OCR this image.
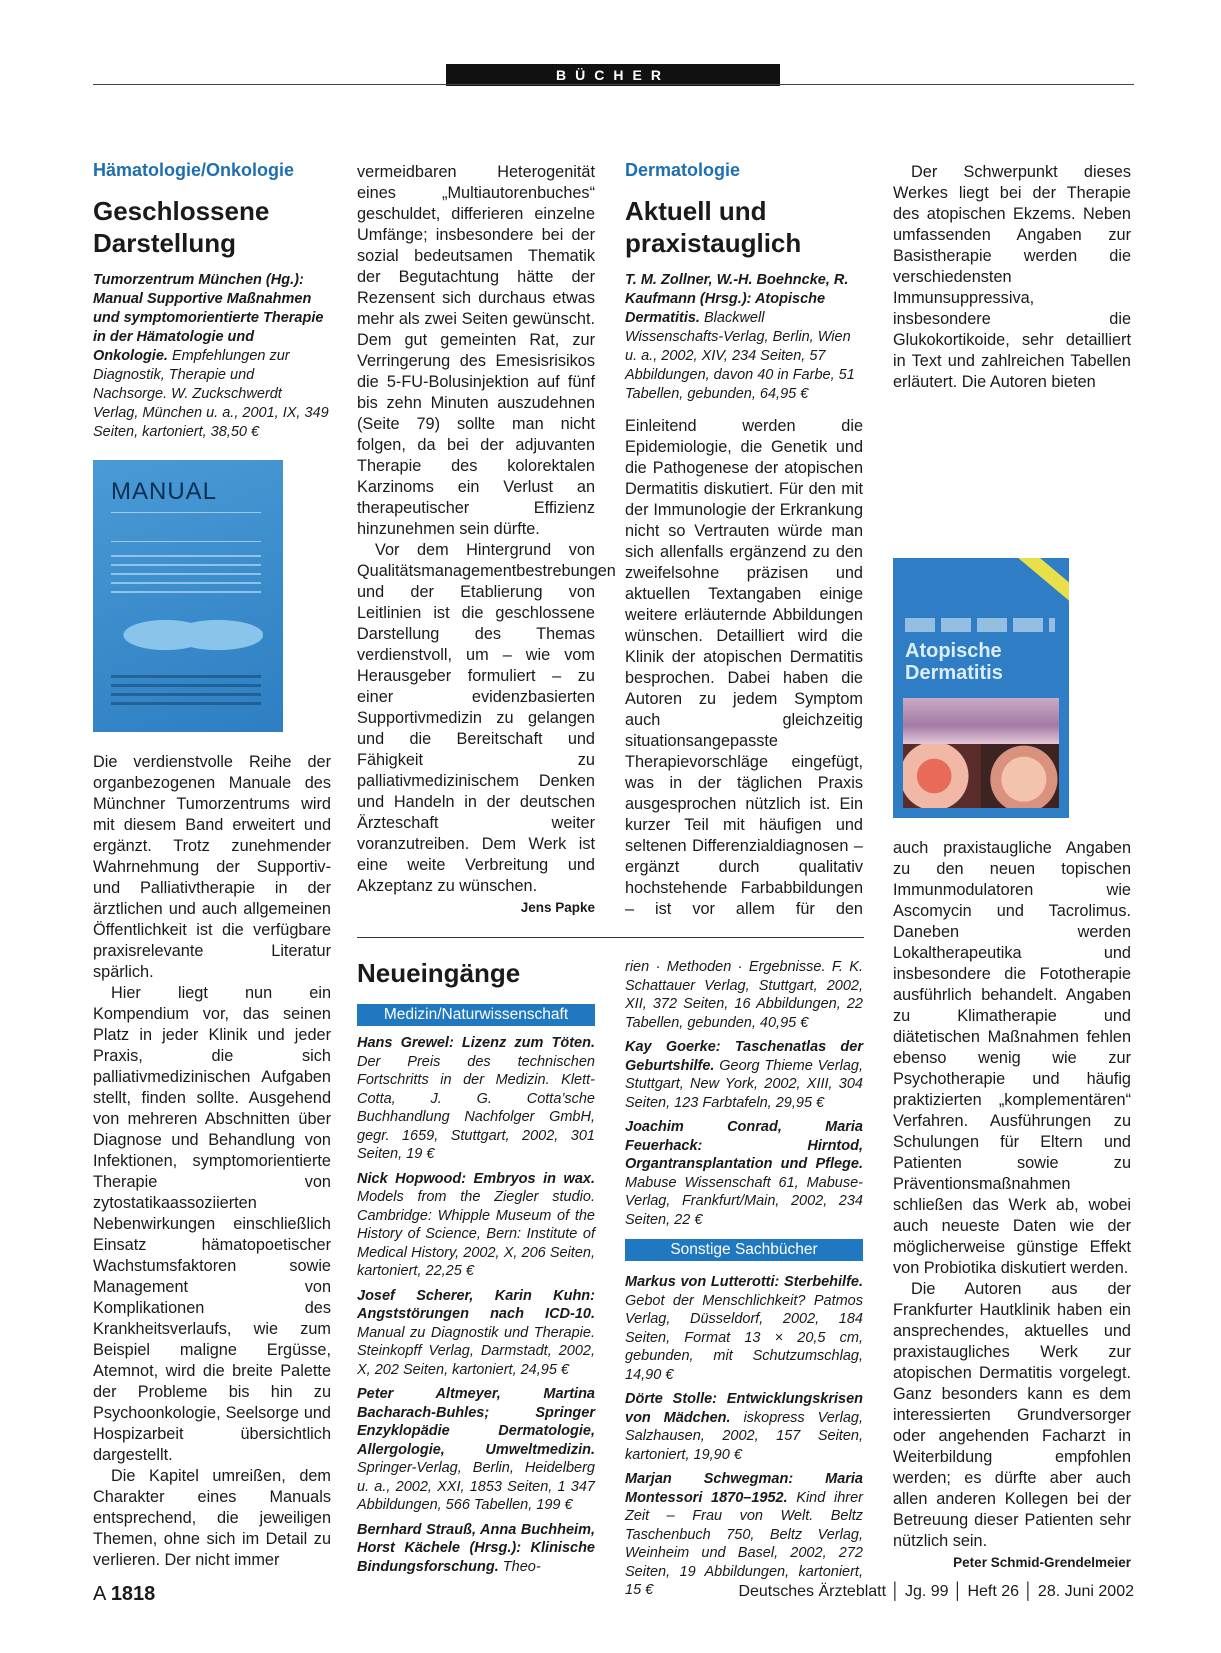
BÜCHER
Hämatologie/Onkologie
Geschlossene Darstellung
Tumorzentrum München (Hg.): Manual Supportive Maßnahmen und symptomorientierte Therapie in der Hämatologie und Onkologie. Empfehlungen zur Diagnostik, Therapie und Nachsorge. W. Zuckschwerdt Verlag, München u. a., 2001, IX, 349 Seiten, kartoniert, 38,50 €
MANUAL

Die verdienstvolle Reihe der organbezogenen Manuale des Münchner Tumorzentrums wird mit diesem Band erweitert und ergänzt. Trotz zunehmender Wahrnehmung der Supportiv- und Palliativtherapie in der ärztlichen und auch allgemeinen Öffentlichkeit ist die verfügbare praxisrelevante Literatur spärlich.

Hier liegt nun ein Kompendium vor, das seinen Platz in jeder Klinik und jeder Praxis, die sich palliativmedizinischen Aufgaben stellt, finden sollte. Ausgehend von mehreren Abschnitten über Diagnose und Behandlung von Infektionen, symptomorientierte Therapie von zytostatikaassoziierten Nebenwirkungen einschließlich Einsatz hämatopoetischer Wachstumsfaktoren sowie Management von Komplikationen des Krankheitsverlaufs, wie zum Beispiel maligne Ergüsse, Atemnot, wird die breite Palette der Probleme bis hin zu Psychoonkologie, Seelsorge und Hospizarbeit übersichtlich dargestellt.

Die Kapitel umreißen, dem Charakter eines Manuals entsprechend, die jeweiligen Themen, ohne sich im Detail zu verlieren. Der nicht immer

vermeidbaren Heterogenität eines „Multiautorenbuches“ geschuldet, differieren einzelne Umfänge; insbesondere bei der sozial bedeutsamen Thematik der Begutachtung hätte der Rezensent sich durchaus etwas mehr als zwei Seiten gewünscht. Dem gut gemeinten Rat, zur Verringerung des Emesisrisikos die 5-FU-Bolusinjektion auf fünf bis zehn Minuten auszudehnen (Seite 79) sollte man nicht folgen, da bei der adjuvanten Therapie des kolorektalen Karzinoms ein Verlust an therapeutischer Effizienz hinzunehmen sein dürfte.

Vor dem Hintergrund von Qualitätsmanagementbestrebungen und der Etablierung von Leitlinien ist die geschlossene Darstellung des Themas verdienstvoll, um – wie vom Herausgeber formuliert – zu einer evidenzbasierten Supportivmedizin zu gelangen und die Bereitschaft und Fähigkeit zu palliativmedizinischem Denken und Handeln in der deutschen Ärzteschaft weiter voranzutreiben. Dem Werk ist eine weite Verbreitung und Akzeptanz zu wünschen.

Jens Papke
Neueingänge
Medizin/Naturwissenschaft
Hans Grewel: Lizenz zum Töten. Der Preis des technischen Fortschritts in der Medizin. Klett-Cotta, J. G. Cotta’sche Buchhandlung Nachfolger GmbH, gegr. 1659, Stuttgart, 2002, 301 Seiten, 19 €
Nick Hopwood: Embryos in wax. Models from the Ziegler studio. Cambridge: Whipple Museum of the History of Science, Bern: Institute of Medical History, 2002, X, 206 Seiten, kartoniert, 22,25 €
Josef Scherer, Karin Kuhn: Angststörungen nach ICD-10. Manual zu Diagnostik und Therapie. Steinkopff Verlag, Darmstadt, 2002, X, 202 Seiten, kartoniert, 24,95 €
Peter Altmeyer, Martina Bacharach-Buhles; Springer Enzyklopädie Dermatologie, Allergologie, Umweltmedizin. Springer-Verlag, Berlin, Heidelberg u. a., 2002, XXI, 1853 Seiten, 1 347 Abbildungen, 566 Tabellen, 199 €
Bernhard Strauß, Anna Buchheim, Horst Kächele (Hrsg.): Klinische Bindungsforschung. Theo-
Dermatologie
Aktuell und praxistauglich
T. M. Zollner, W.-H. Boehncke, R. Kaufmann (Hrsg.): Atopische Dermatitis. Blackwell Wissenschafts-Verlag, Berlin, Wien u. a., 2002, XIV, 234 Seiten, 57 Abbildungen, davon 40 in Farbe, 51 Tabellen, gebunden, 64,95 €

Einleitend werden die Epidemiologie, die Genetik und die Pathogenese der atopischen Dermatitis diskutiert. Für den mit der Immunologie der Erkrankung nicht so Vertrauten würde man sich allenfalls ergänzend zu den zweifelsohne präzisen und aktuellen Textangaben einige weitere erläuternde Abbildungen wünschen. Detailliert wird die Klinik der atopischen Dermatitis besprochen. Dabei haben die Autoren zu jedem Symptom auch gleichzeitig situationsangepasste Therapievorschläge eingefügt, was in der täglichen Praxis ausgesprochen nützlich ist. Ein kurzer Teil mit häufigen und seltenen Differenzialdiagnosen – ergänzt durch qualitativ hochstehende Farbabbildungen – ist vor allem für den

rien · Methoden · Ergebnisse. F. K. Schattauer Verlag, Stuttgart, 2002, XII, 372 Seiten, 16 Abbildungen, 22 Tabellen, gebunden, 40,95 €
Kay Goerke: Taschenatlas der Geburtshilfe. Georg Thieme Verlag, Stuttgart, New York, 2002, XIII, 304 Seiten, 123 Farbtafeln, 29,95 €
Joachim Conrad, Maria Feuerhack: Hirntod, Organtransplantation und Pflege. Mabuse Wissenschaft 61, Mabuse-Verlag, Frankfurt/Main, 2002, 234 Seiten, 22 €
Sonstige Sachbücher
Markus von Lutterotti: Sterbehilfe. Gebot der Menschlichkeit? Patmos Verlag, Düsseldorf, 2002, 184 Seiten, Format 13 × 20,5 cm, gebunden, mit Schutzumschlag, 14,90 €
Dörte Stolle: Entwicklungskrisen von Mädchen. iskopress Verlag, Salzhausen, 2002, 157 Seiten, kartoniert, 19,90 €
Marjan Schwegman: Maria Montessori 1870–1952. Kind ihrer Zeit – Frau von Welt. Beltz Taschenbuch 750, Beltz Verlag, Weinheim und Basel, 2002, 272 Seiten, 19 Abbildungen, kartoniert, 15 €

Der Schwerpunkt dieses Werkes liegt bei der Therapie des atopischen Ekzems. Neben umfassenden Angaben zur Basistherapie werden die verschiedensten Immunsuppressiva, insbesondere die Glukokortikoide, sehr detailliert in Text und zahlreichen Tabellen erläutert. Die Autoren bieten

Atopische Dermatitis

auch praxistaugliche Angaben zu den neuen topischen Immunmodulatoren wie Ascomycin und Tacrolimus. Daneben werden Lokaltherapeutika und insbesondere die Fototherapie ausführlich behandelt. Angaben zu Klimatherapie und diätetischen Maßnahmen fehlen ebenso wenig wie zur Psychotherapie und häufig praktizierten „komplementären“ Verfahren. Ausführungen zu Schulungen für Eltern und Patienten sowie zu Präventionsmaßnahmen schließen das Werk ab, wobei auch neueste Daten wie der möglicherweise günstige Effekt von Probiotika diskutiert werden.

Die Autoren aus der Frankfurter Hautklinik haben ein ansprechendes, aktuelles und praxistaugliches Werk zur atopischen Dermatitis vorgelegt. Ganz besonders kann es dem interessierten Grundversorger oder angehenden Facharzt in Weiterbildung empfohlen werden; es dürfte aber auch allen anderen Kollegen bei der Betreuung dieser Patienten sehr nützlich sein.

Peter Schmid-Grendelmeier
A 1818	Deutsches Ärzteblatt │ Jg. 99 │ Heft 26 │ 28. Juni 2002
